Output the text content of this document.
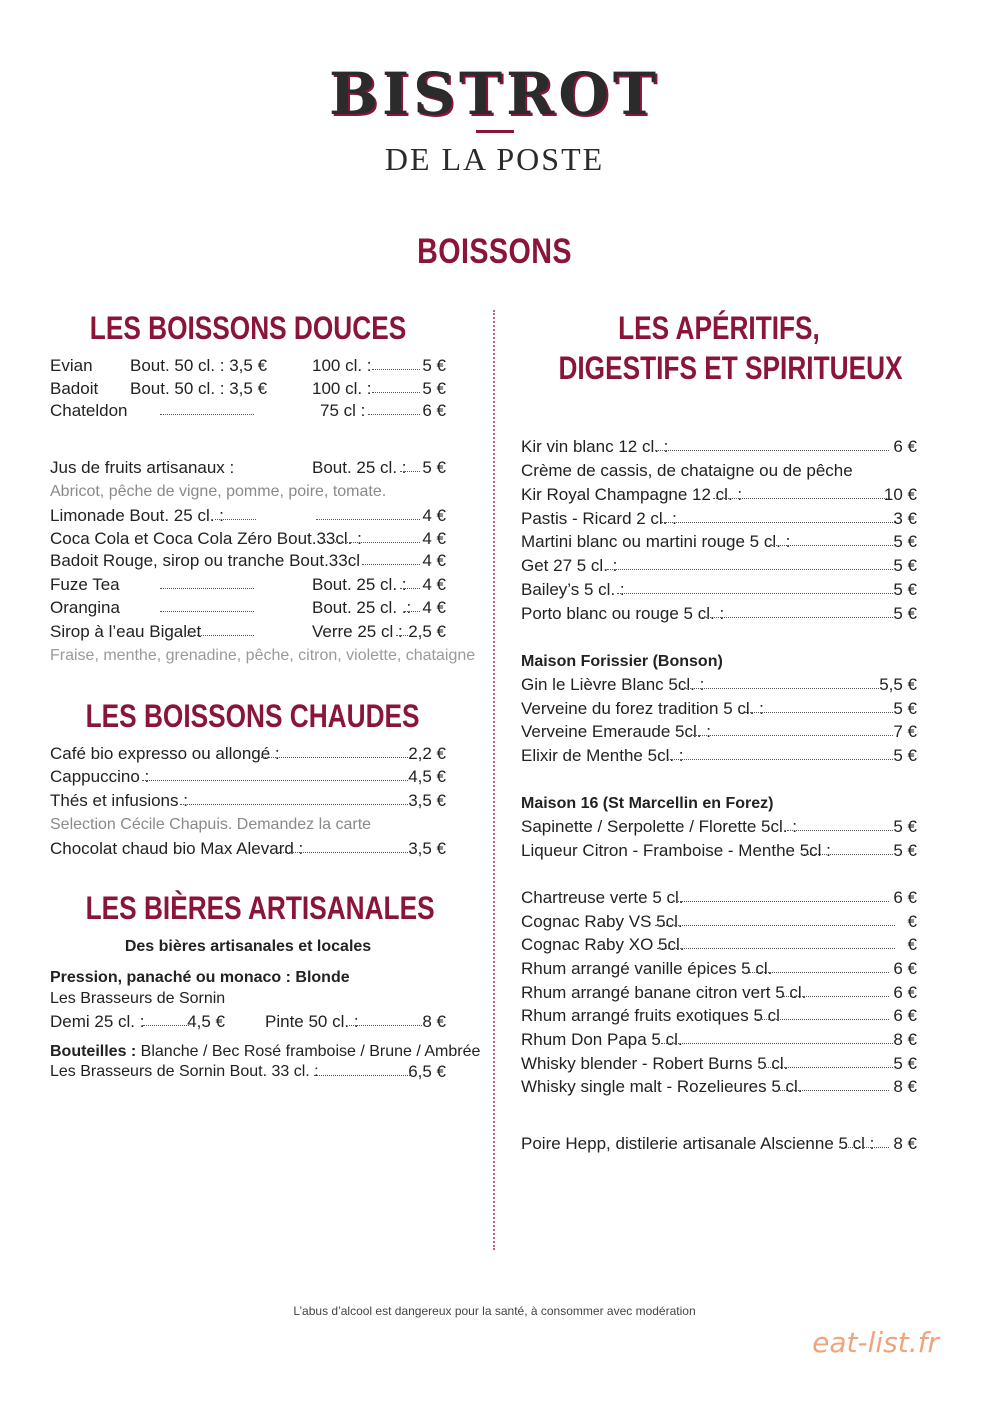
BISTROT
DE LA POSTE
BOISSONS
LES BOISSONS DOUCES
Evian Bout. 50 cl. : 3,5 €	100 cl. :	5 €
Badoit Bout. 50 cl. : 3,5 €	100 cl. :	5 €
Chateldon	75 cl :	6 €
Jus de fruits artisanaux :	Bout. 25 cl. : 5 €
Abricot, pêche de vigne, pomme, poire, tomate.
Limonade Bout. 25 cl. :	4 €
Coca Cola et Coca Cola Zéro Bout.33cl. :	4 €
Badoit Rouge, sirop ou tranche Bout.33cl	4 €
Fuze Tea	Bout. 25 cl. : 4 €
Orangina	Bout. 25 cl. .: 4 €
Sirop à l’eau Bigalet	Verre 25 cl : 2,5 €
Fraise, menthe, grenadine, pêche, citron, violette, chataigne
LES BOISSONS CHAUDES
Café bio expresso ou allongé :	2,2 €
Cappuccino :	4,5 €
Thés et infusions :	3,5 €
Selection Cécile Chapuis. Demandez la carte
Chocolat chaud bio Max Alevard :	3,5 €
LES BIÈRES ARTISANALES
Des bières artisanales et locales
Pression, panaché ou monaco : Blonde
Les Brasseurs de Sornin
Demi 25 cl. :	4,5 € Pinte 50 cl. :	8 €
Bouteilles : Blanche / Bec Rosé framboise / Brune / Ambrée
Les Brasseurs de Sornin Bout. 33 cl. :	6,5 €
LES APÉRITIFS,
DIGESTIFS ET SPIRITUEUX
Kir vin blanc 12 cl. :	6 €
Crème de cassis, de chataigne ou de pêche
Kir Royal Champagne 12 cl. :	10 €
Pastis - Ricard 2 cl. :	3 €
Martini blanc ou martini rouge 5 cl. :	5 €
Get 27 5 cl. :	5 €
Bailey’s 5 cl. :	5 €
Porto blanc ou rouge 5 cl. :	5 €
Maison Forissier (Bonson)
Gin le Lièvre Blanc 5cl. :	5,5 €
Verveine du forez tradition 5 cl. :	5 €
Verveine Emeraude 5cl. :	7 €
Elixir de Menthe 5cl. :	5 €
Maison 16 (St Marcellin en Forez)
Sapinette / Serpolette / Florette 5cl. :	5 €
Liqueur Citron - Framboise - Menthe 5cl :	5 €
Chartreuse verte 5 cl.	6 €
Cognac Raby VS 5cl.	€
Cognac Raby XO 5cl.	€
Rhum arrangé vanille épices 5 cl.	6 €
Rhum arrangé banane citron vert 5 cl.	6 €
Rhum arrangé fruits exotiques 5 cl	6 €
Rhum Don Papa 5 cl.	8 €
Whisky blender - Robert Burns 5 cl.	5 €
Whisky single malt - Rozelieures 5 cl.	8 €
Poire Hepp, distilerie artisanale Alscienne 5 cl : 8 €
L’abus d’alcool est dangereux pour la santé, à consommer avec modération
eat-list.fr
